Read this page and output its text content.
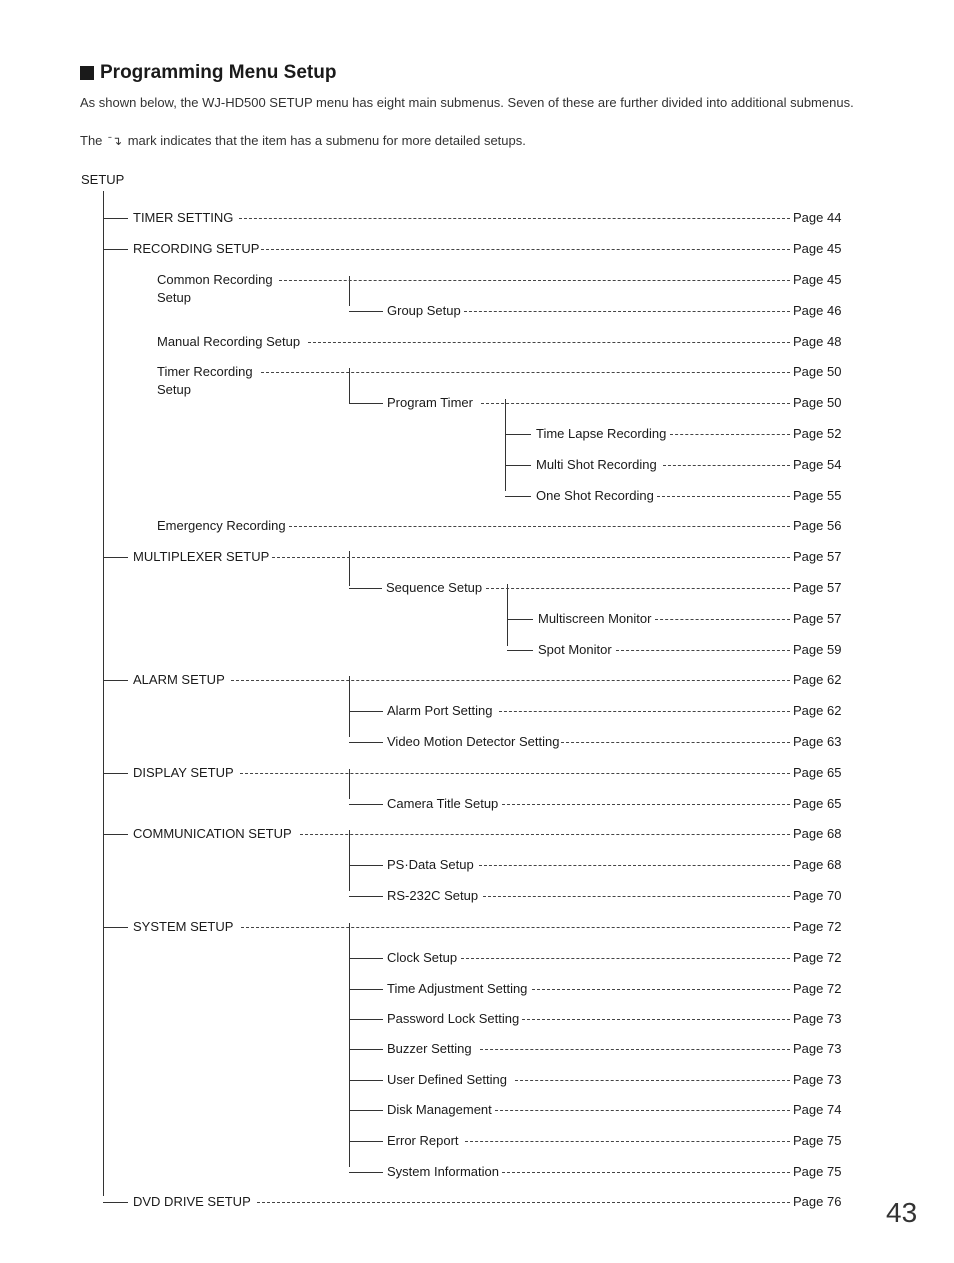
Programming Menu Setup
As shown below, the WJ-HD500 SETUP menu has eight main submenus. Seven of these are further divided into additional submenus.
The ˉ↴ mark indicates that the item has a submenu for more detailed setups.
SETUP
TIMER SETTING	Page 44
RECORDING SETUP	Page 45
Common Recording
Setup
Page 45
Group Setup	Page 46
Manual Recording Setup	Page 48
Timer Recording
Setup
Page 50
Program Timer	Page 50
Time Lapse Recording	Page 52
Multi Shot Recording	Page 54
One Shot Recording	Page 55
Emergency Recording	Page 56
MULTIPLEXER SETUP	Page 57
Sequence Setup	Page 57
Multiscreen Monitor	Page 57
Spot Monitor	Page 59
ALARM SETUP	Page 62
Alarm Port Setting	Page 62
Video Motion Detector Setting	Page 63
DISPLAY SETUP	Page 65
Camera Title Setup	Page 65
COMMUNICATION SETUP	Page 68
PS·Data Setup	Page 68
RS-232C Setup	Page 70
SYSTEM SETUP	Page 72
Clock Setup	Page 72
Time Adjustment Setting	Page 72
Password Lock Setting	Page 73
Buzzer Setting	Page 73
User Defined Setting	Page 73
Disk Management	Page 74
Error Report	Page 75
System Information	Page 75
DVD DRIVE SETUP	Page 76 43
